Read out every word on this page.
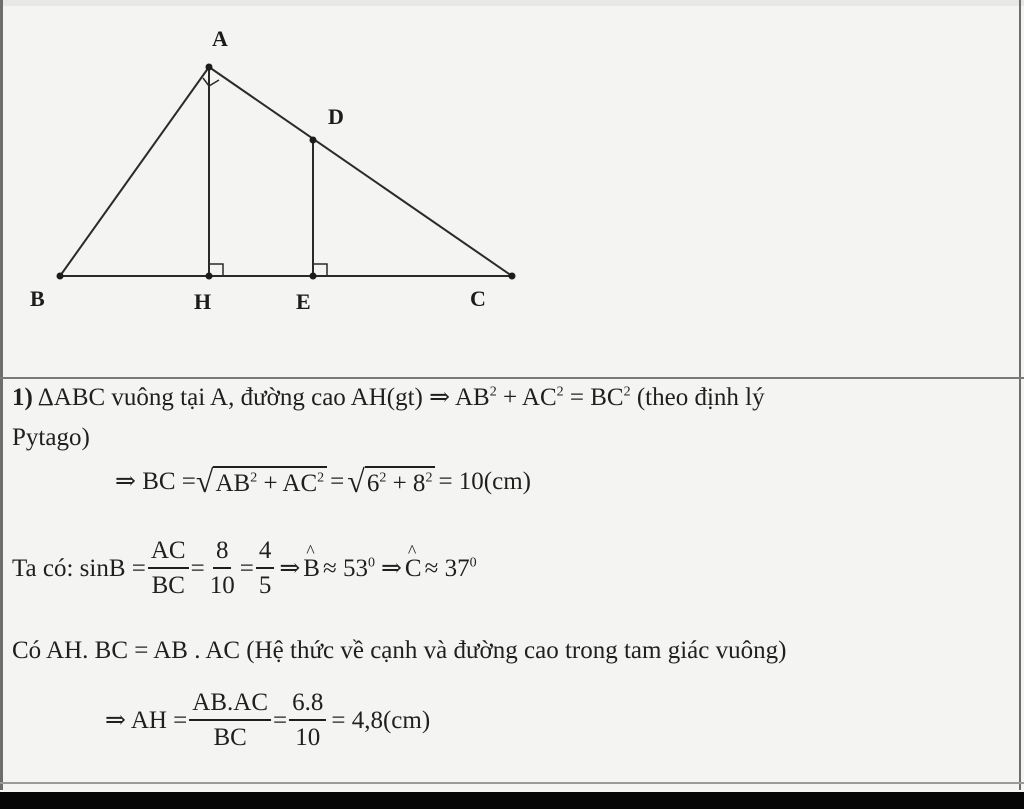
A
D
B	H	E	C
1) ΔABC vuông tại A, đường cao AH(gt) ⇒ $AB^2 + AC^2 = BC^2$ (theo định lý
Pytago)
⇒ BC = √ $AB^2 + AC^2$ = √ $6^2 + 8^2 = 10(cm)$
Ta có: $\sin B = \frac{AC}{BC} = \frac{8}{10} = \frac{4}{5}$ ⇒ ^ $B \approx 53^0$ ⇒ ^ $C \approx 37^0$
Có AH. BC = AB . AC (Hệ thức về cạnh và đường cao trong tam giác vuông)
⇒ AH = $\frac{AB.AC}{BC} = \frac{6.8}{10} = 4,8(cm)$
